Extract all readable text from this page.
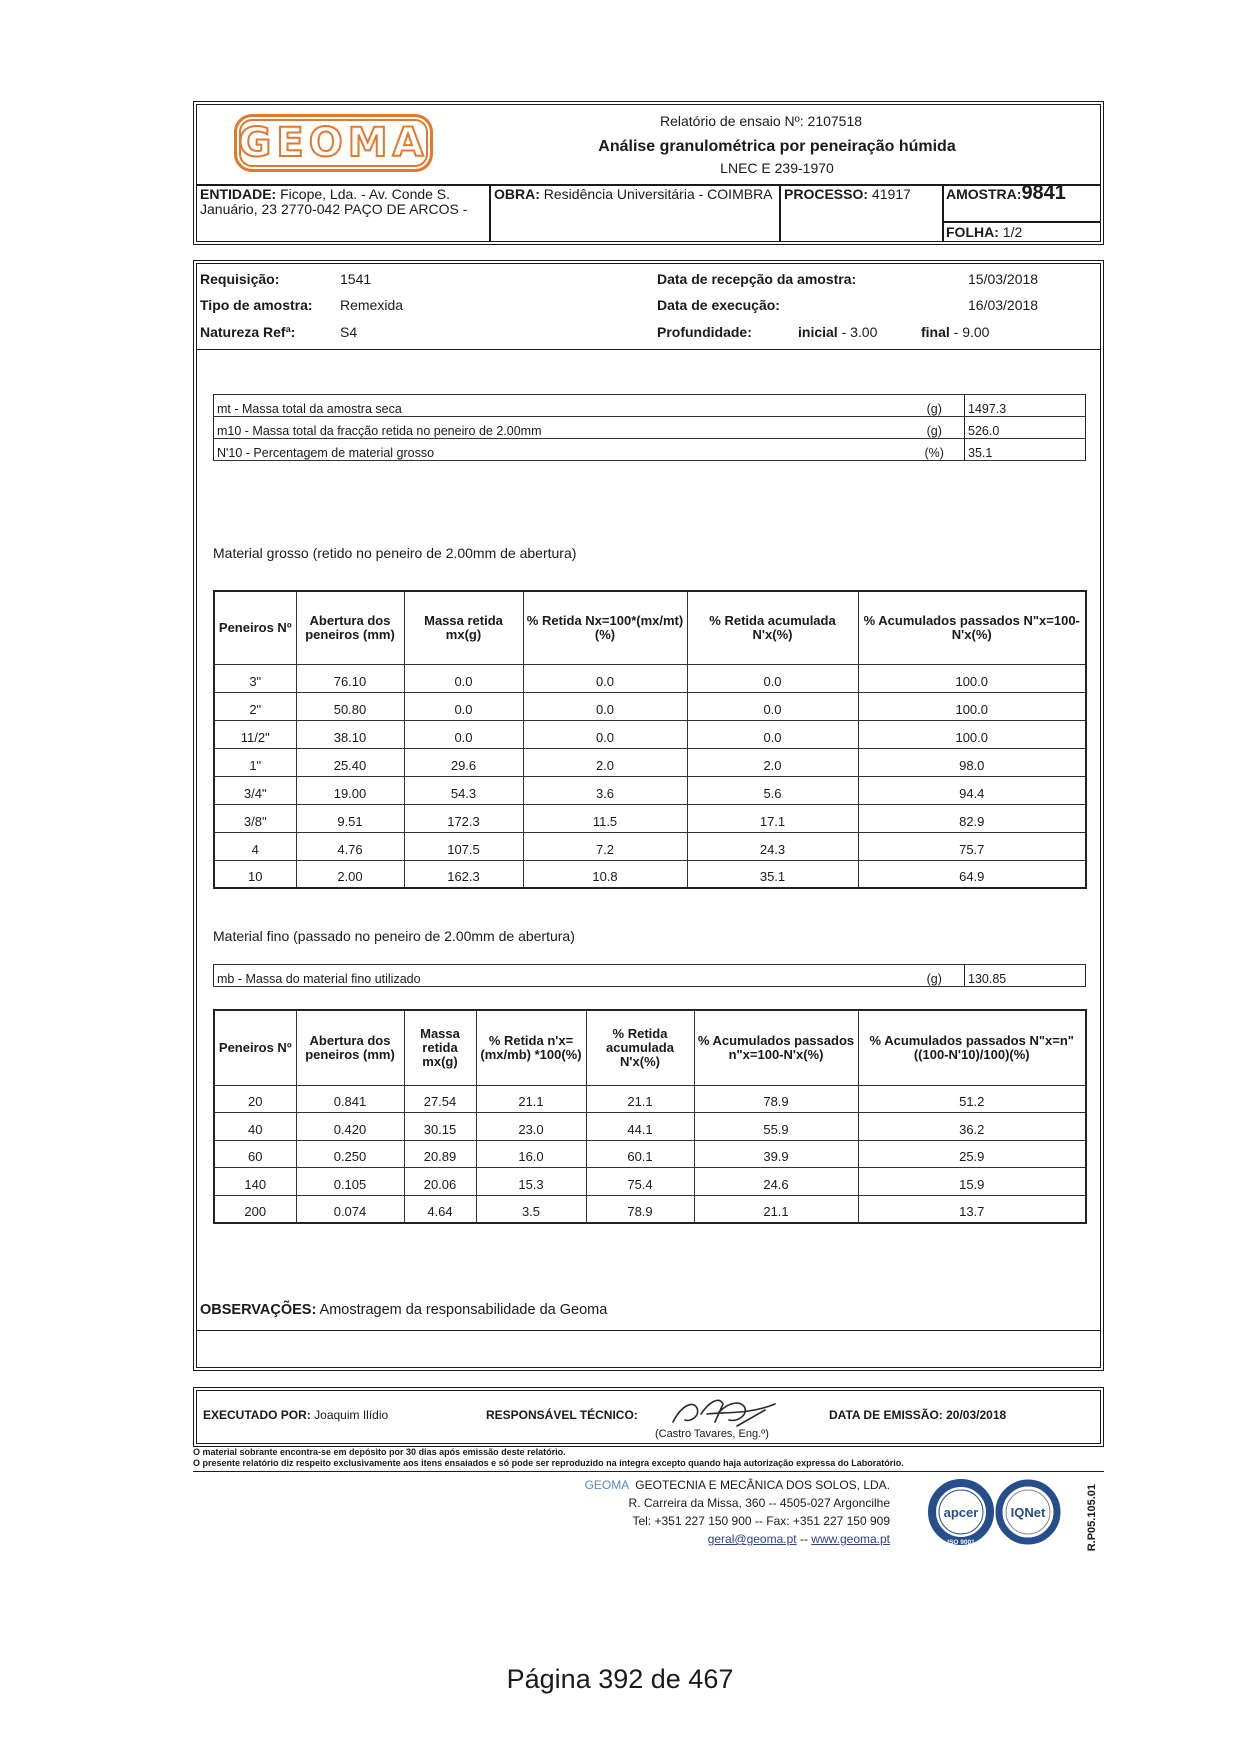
GEOMA	Relatório de ensaio Nº: 2107518
Análise granulométrica por peneiração húmida
LNEC E 239-1970
ENTIDADE: Ficope, Lda. - Av. Conde S. Januário, 23 2770-042 PAÇO DE ARCOS -
OBRA: Residência Universitária - COIMBRA PROCESSO: 41917	AMOSTRA:9841
FOLHA: 1/2
Requisição:	1541
Tipo de amostra: Remexida
Natureza Refª:	S4
Data de recepção da amostra:	15/03/2018
Data de execução:	16/03/2018
Profundidade:	inicial - 3.00	final - 9.00
mt - Massa total da amostra seca	(g)	1497.3
m10 - Massa total da fracção retida no peneiro de 2.00mm	(g)	526.0
N'10 - Percentagem de material grosso	(%)	35.1
Material grosso (retido no peneiro de 2.00mm de abertura)
Peneiros Nº	Abertura dos peneiros (mm)	Massa retida mx(g)	% Retida Nx=100*(mx/mt)(%)	% Retida acumulada N'x(%)	% Acumulados passados N"x=100-N'x(%)
3"	76.10	0.0	0.0	0.0	100.0
2"	50.80	0.0	0.0	0.0	100.0
11/2"	38.10	0.0	0.0	0.0	100.0
1"	25.40	29.6	2.0	2.0	98.0
3/4"	19.00	54.3	3.6	5.6	94.4
3/8"	9.51	172.3	11.5	17.1	82.9
4	4.76	107.5	7.2	24.3	75.7
10	2.00	162.3	10.8	35.1	64.9
Material fino (passado no peneiro de 2.00mm de abertura)
mb - Massa do material fino utilizado	(g)	130.85
Peneiros Nº	Abertura dos peneiros (mm)	Massa retida mx(g)	% Retida n'x=(mx/mb) *100(%)	% Retida acumulada N'x(%)	% Acumulados passados n"x=100-N'x(%)	% Acumulados passados N"x=n"((100-N'10)/100)(%)
20	0.841	27.54	21.1	21.1	78.9	51.2
40	0.420	30.15	23.0	44.1	55.9	36.2
60	0.250	20.89	16.0	60.1	39.9	25.9
140	0.105	20.06	15.3	75.4	24.6	15.9
200	0.074	4.64	3.5	78.9	21.1	13.7
OBSERVAÇÕES: Amostragem da responsabilidade da Geoma
EXECUTADO POR: Joaquim Ilídio	RESPONSÁVEL TÉCNICO:
(Castro Tavares, Eng.º)
DATA DE EMISSÃO: 20/03/2018
O material sobrante encontra-se em depósito por 30 dias após emissão deste relatório.
O presente relatório diz respeito exclusivamente aos itens ensaiados e só pode ser reproduzido na íntegra excepto quando haja autorização expressa do Laboratório.
GEOMA GEOTECNIA E MECÂNICA DOS SOLOS, LDA.
R. Carreira da Missa, 360 -- 4505-027 Argoncilhe
Tel: +351 227 150 900 -- Fax: +351 227 150 909
geral@geoma.pt -- www.geoma.pt
apcer
ISO 9001
IQNet	R.P05.105.01
Página 392 de 467
